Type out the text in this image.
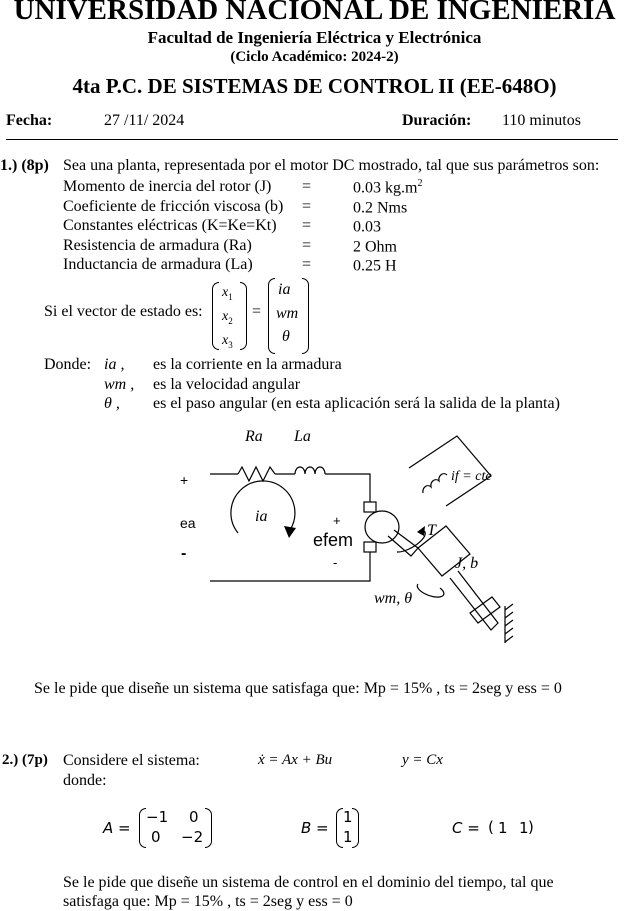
UNIVERSIDAD NACIONAL DE INGENIERIA
Facultad de Ingeniería Eléctrica y Electrónica
(Ciclo Académico: 2024-2)
4ta P.C. DE SISTEMAS DE CONTROL II (EE-648O)
Fecha:	27 /11/ 2024	Duración: 110 minutos
1.) (8p) Sea una planta, representada por el motor DC mostrado, tal que sus parámetros son:
Momento de inercia del rotor (J) =	0.03 $kg.m^2$
Coeficiente de fricción viscosa (b) =	0.2 Nms
Constantes eléctricas (K=Ke=Kt) =	0.03
Resistencia de armadura (Ra)	=	2 Ohm
Inductancia de armadura (La)	=	0.25 H
Si el vector de estado es:
$x_1$
$x_2$
$x_3$
=
ia
wm
θ
Donde: ia , es la corriente en la armadura
wm , es la velocidad angular
θ , es el paso angular (en esta aplicación será la salida de la planta)
Ra La
+
ea
-
ia	+
efem
-
if = cte
T
J, b
wm, θ
Se le pide que diseñe un sistema que satisfaga que: Mp = 15% , ts = 2seg y ess = 0
2.) (7p) Considere el sistema:	ẋ = Ax + Bu	y = Cx
donde:
A =
−1 0
0 −2	B =
1
1	C = ( 1 1 )
Se le pide que diseñe un sistema de control en el dominio del tiempo, tal que
satisfaga que: Mp = 15% , ts = 2seg y ess = 0
